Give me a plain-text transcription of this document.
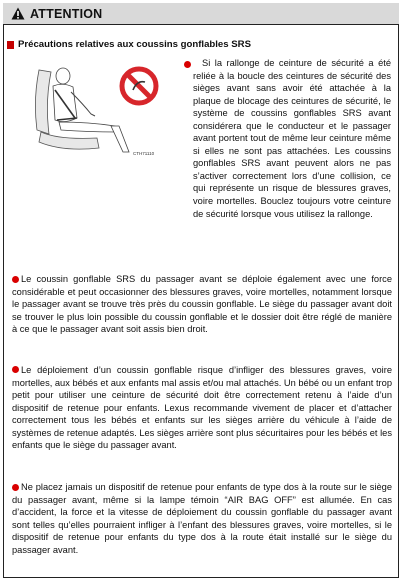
ATTENTION
Précautions relatives aux coussins gonflables SRS
CTH71110
Si la rallonge de ceinture de sécurité a été reliée à la boucle des ceintures de sécurité des sièges avant sans avoir été attachée à la plaque de blocage des ceintures de sécurité, le système de coussins gonflables SRS avant considérera que le conducteur et le passager avant portent tout de même leur ceinture même si elles ne sont pas attachées. Les coussins gonflables SRS avant peuvent alors ne pas s’activer correctement lors d’une collision, ce qui représente un risque de blessures graves, voire mortelles. Bouclez toujours votre ceinture de sécurité lorsque vous utilisez la rallonge.
Le coussin gonflable SRS du passager avant se déploie également avec une force considérable et peut occasionner des blessures graves, voire mortelles, notamment lorsque le passager avant se trouve très près du coussin gonflable. Le siège du passager avant doit se trouver le plus loin possible du coussin gonflable et le dossier doit être réglé de manière à ce que le passager avant soit assis bien droit.
Le déploiement d’un coussin gonflable risque d’infliger des blessures graves, voire mortelles, aux bébés et aux enfants mal assis et/ou mal attachés. Un bébé ou un enfant trop petit pour utiliser une ceinture de sécurité doit être correctement retenu à l’aide d’un dispositif de retenue pour enfants. Lexus recommande vivement de placer et d’attacher correctement tous les bébés et enfants sur les sièges arrière du véhicule à l’aide de systèmes de retenue adaptés. Les sièges arrière sont plus sécuritaires pour les bébés et les enfants que le siège du passager avant.
Ne placez jamais un dispositif de retenue pour enfants de type dos à la route sur le siège du passager avant, même si la lampe témoin “AIR BAG OFF” est allumée. En cas d’accident, la force et la vitesse de déploiement du coussin gonflable du passager avant sont telles qu’elles pourraient infliger à l’enfant des blessures graves, voire mortelles, si le dispositif de retenue pour enfants du type dos à la route était installé sur le siège du passager avant.
